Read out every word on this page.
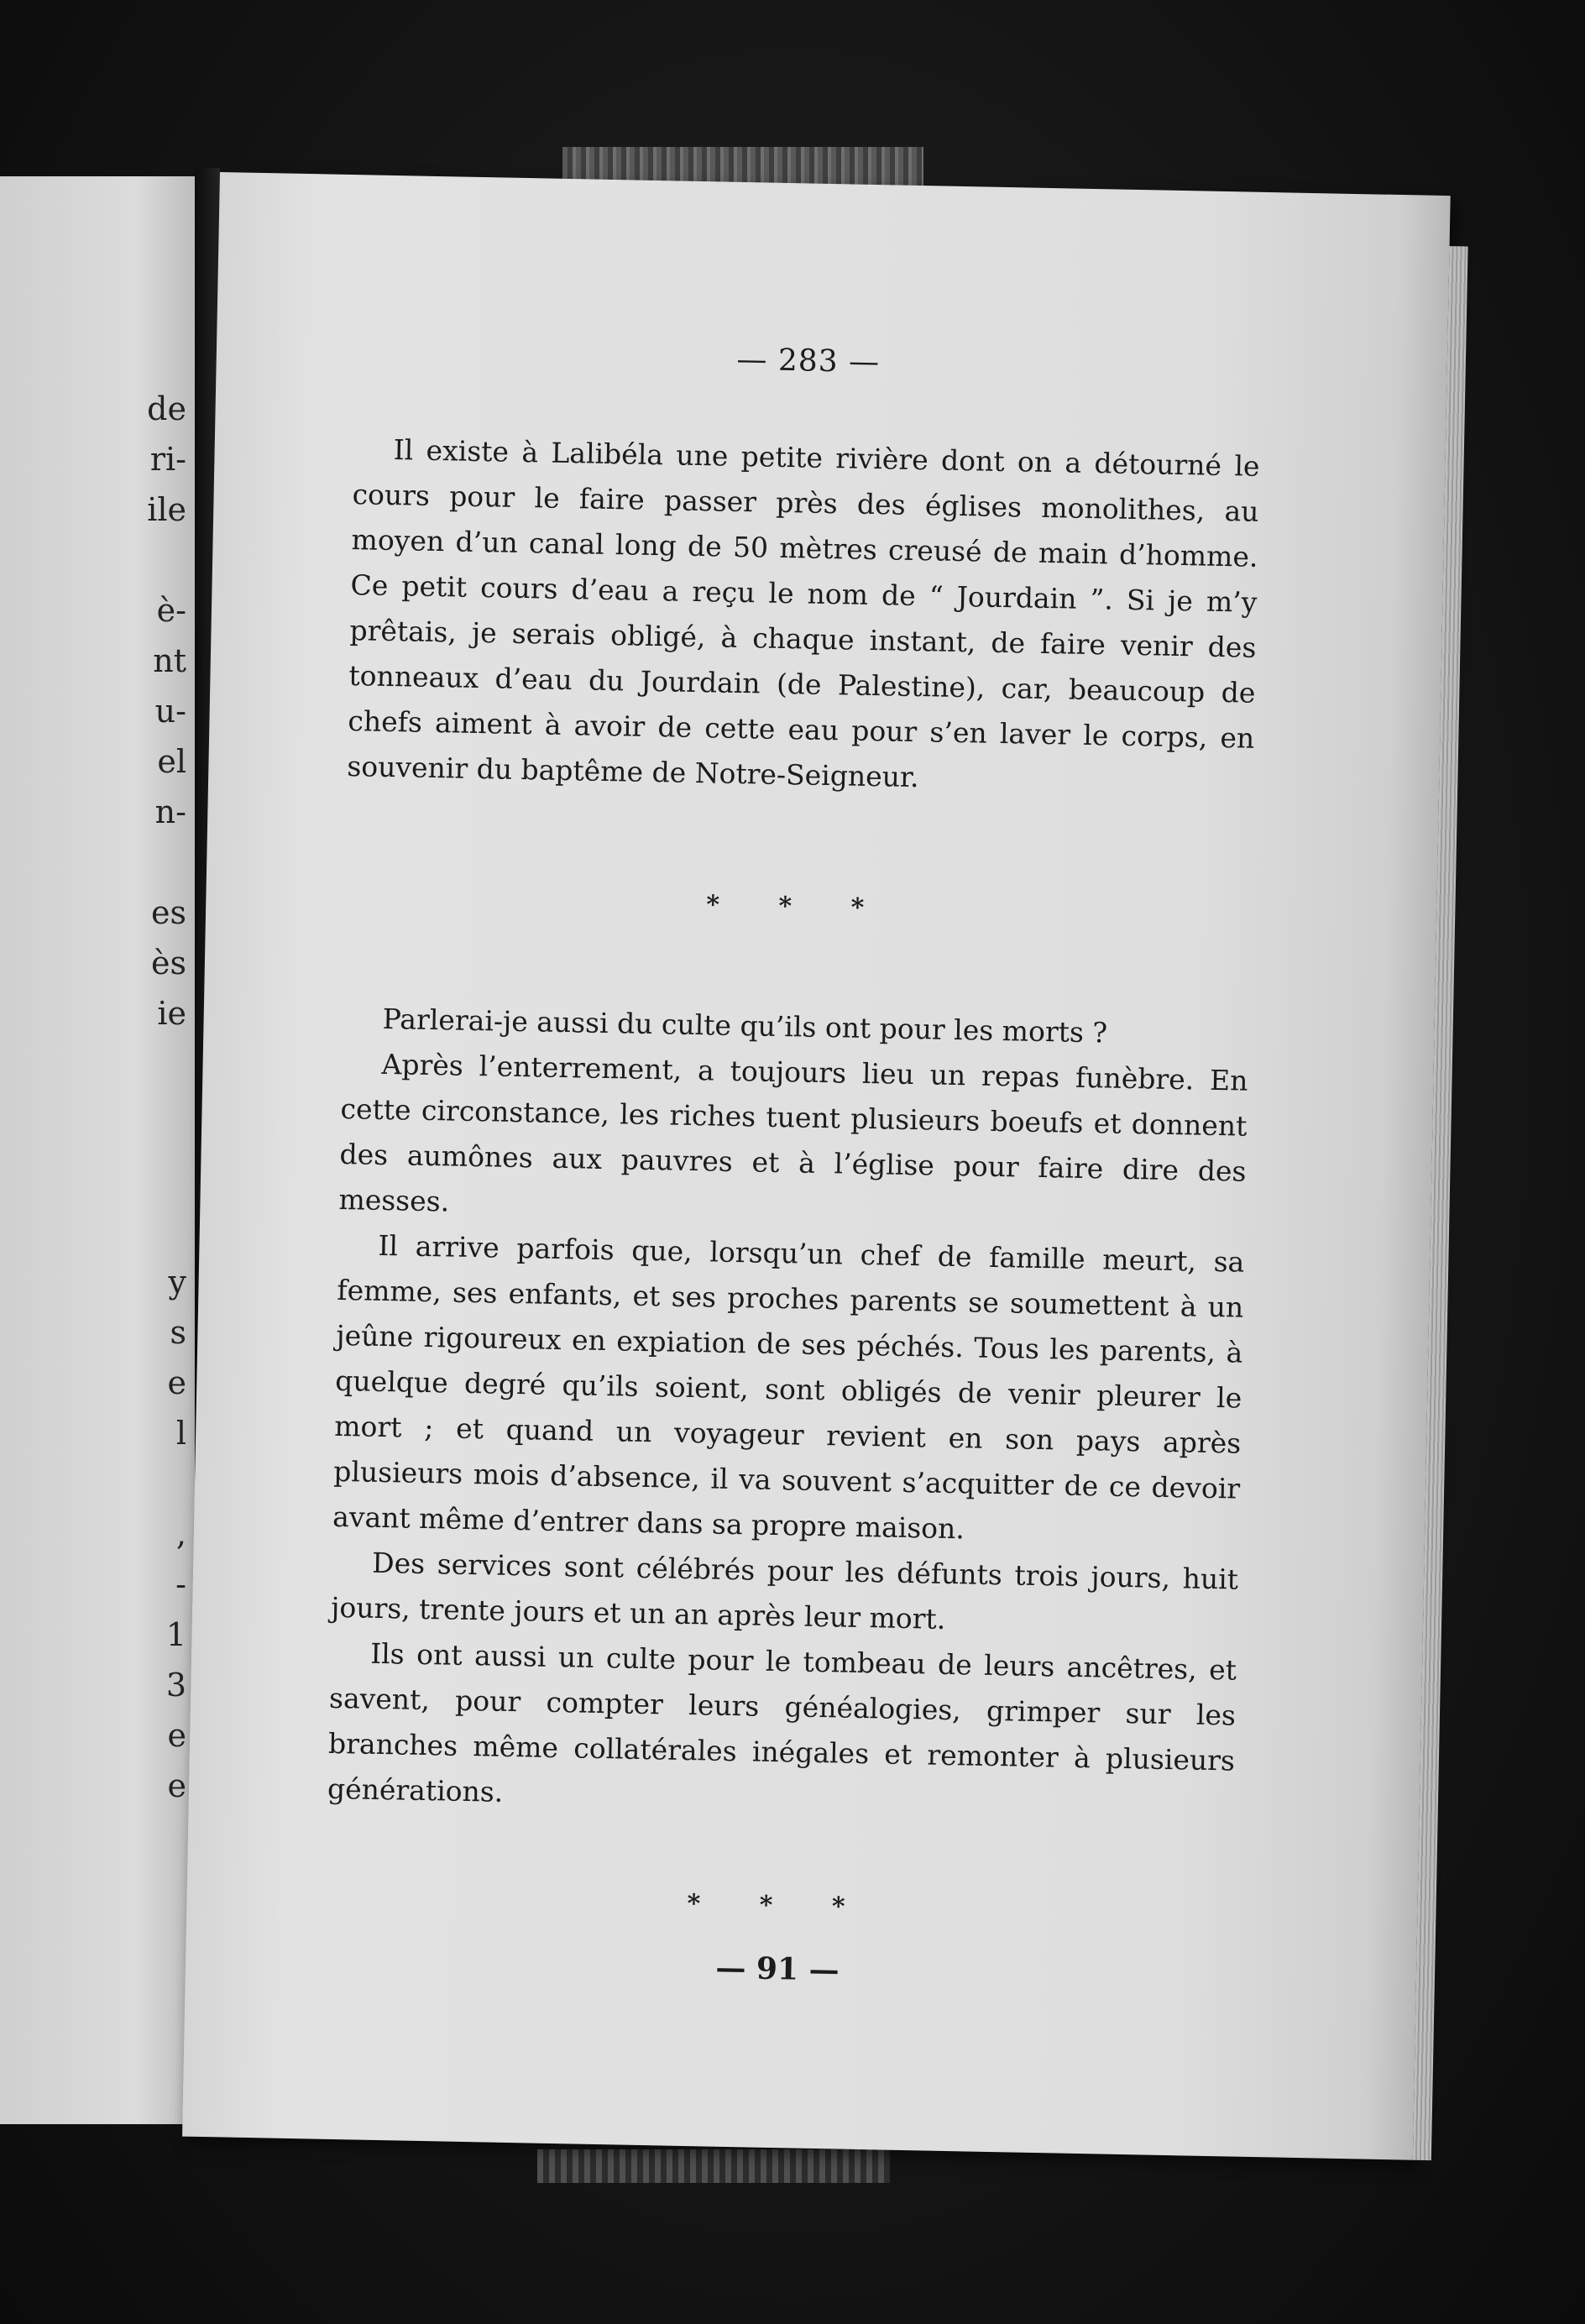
de
ri-
ile
è-
nt
u-
el
n-
es
ès
ie
y
s
e
l
,
-
1
3
e
e
— 283 —

Il existe à Lalibéla une petite rivière dont on a détourné le cours pour le faire passer près des églises monolithes, au moyen d’un canal long de 50 mètres creusé de main d’homme. Ce petit cours d’eau a reçu le nom de “ Jourdain ”. Si je m’y prêtais, je serais obligé, à chaque instant, de faire venir des tonneaux d’eau du Jourdain (de Palestine), car, beaucoup de chefs aiment à avoir de cette eau pour s’en laver le corps, en souvenir du baptême de Notre-Seigneur.

* * *

Parlerai-je aussi du culte qu’ils ont pour les morts ?

Après l’enterrement, a toujours lieu un repas funèbre. En cette circonstance, les riches tuent plusieurs boeufs et donnent des aumônes aux pauvres et à l’église pour faire dire des messes.

Il arrive parfois que, lorsqu’un chef de famille meurt, sa femme, ses enfants, et ses proches parents se soumettent à un jeûne rigoureux en expiation de ses péchés. Tous les parents, à quelque degré qu’ils soient, sont obligés de venir pleurer le mort ; et quand un voyageur revient en son pays après plusieurs mois d’absence, il va souvent s’acquitter de ce devoir avant même d’entrer dans sa propre maison.

Des services sont célébrés pour les défunts trois jours, huit jours, trente jours et un an après leur mort.

Ils ont aussi un culte pour le tombeau de leurs ancêtres, et savent, pour compter leurs généalogies, grimper sur les branches même collatérales inégales et remonter à plusieurs générations.

* * *
— 91 —
